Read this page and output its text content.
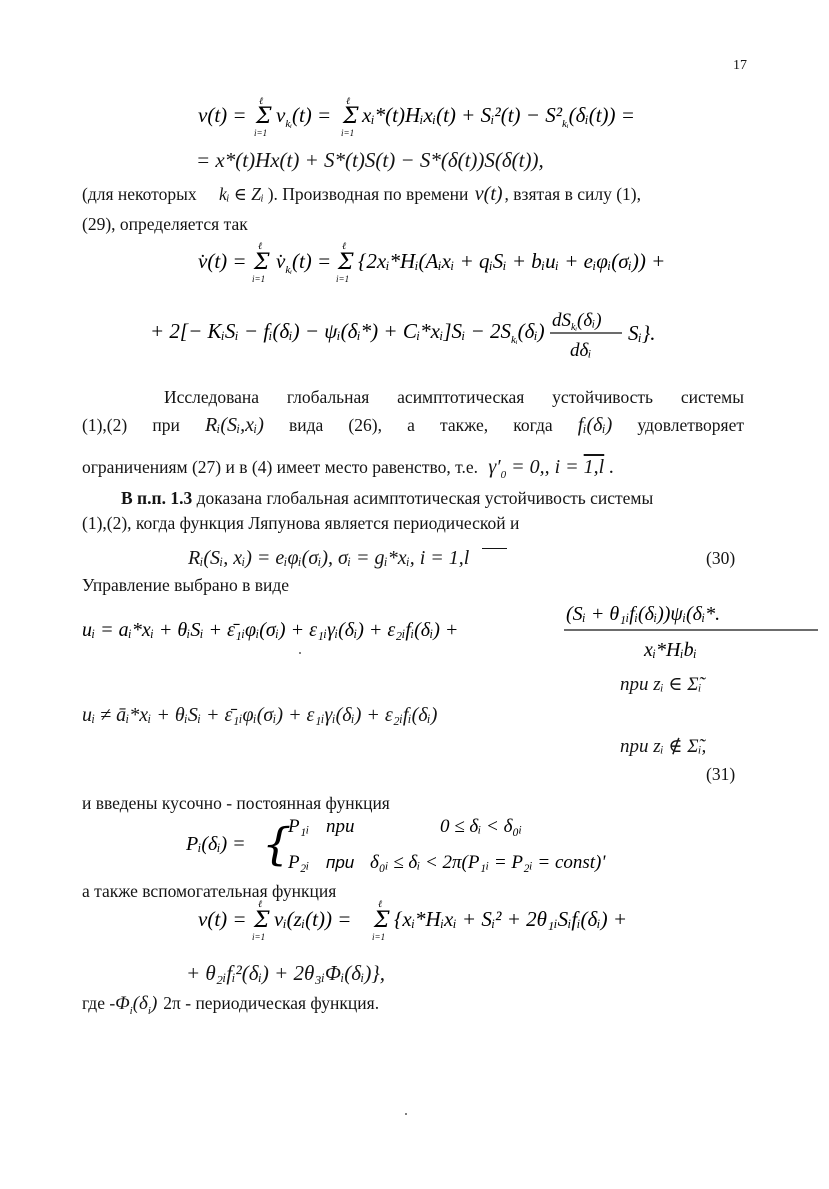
17
v(t) = Σ
ℓ
i=1
$v_{kᵢ}(t) = \Sigma$
ℓ
i=1
xᵢ*(t)Hᵢxᵢ(t) + Sᵢ²(t) − $S^2_{kᵢ}(\delta ᵢ(t))$ =
= x*(t)Hx(t) + S*(t)S(t) − S*(δ(t))S(δ(t)),
(для некоторых kᵢ ∈ Zᵢ ). Производная по времени v(t) , взятая в силу (1),
(29), определяется так
v̇(t) = Σ
ℓ
i=1
$v̇_{kᵢ}(t) = \Sigma$
ℓ
i=1
{2xᵢ*Hᵢ(Aᵢxᵢ + qᵢSᵢ + bᵢuᵢ + eᵢφᵢ(σᵢ)) +
+ 2[− KᵢSᵢ − fᵢ(δᵢ) − ψᵢ(δᵢ*) + Cᵢ*xᵢ]Sᵢ − $2S_{kᵢ}(\delta ᵢ)$ $dS_{kᵢ}(\delta ᵢ)$
dδᵢ
Sᵢ}.
Исследована глобальная асимптотическая устойчивость системы
(1),(2) при Rᵢ(Sᵢ,xᵢ) вида (26), а также, когда fᵢ(δᵢ) удовлетворяет
ограничениям (27) и в (4) имеет место равенство, т.е. $\gamma'_0 = 0$,, i = 1,l .
В п.п. 1.3 доказана глобальная асимптотическая устойчивость системы
(1),(2), когда функция Ляпунова является периодической и
Rᵢ(Sᵢ, xᵢ) = eᵢφᵢ(σᵢ), σᵢ = gᵢ*xᵢ, i = 1,l	(30)
Управление выбрано в виде
uᵢ = aᵢ*xᵢ + θᵢSᵢ + ε̄₁ᵢφᵢ(σᵢ) + ε₁ᵢγᵢ(δᵢ) + ε₂ᵢfᵢ(δᵢ) +
(Sᵢ + θ₁ᵢfᵢ(δᵢ))ψᵢ(δᵢ*.
xᵢ*Hᵢbᵢ
при zᵢ ∈ Σ̃ᵢ
uᵢ ≠ āᵢ*xᵢ + θᵢSᵢ + ε̄₁ᵢφᵢ(σᵢ) + ε₁ᵢγᵢ(δᵢ) + ε₂ᵢfᵢ(δᵢ)
при zᵢ ∉ Σ̃ᵢ,
(31)
и введены кусочно - постоянная функция
Pᵢ(δᵢ) = {
P₁ᵢ при	0 ≤ δᵢ < δ₀ᵢ
P₂ᵢ при δ₀ᵢ ≤ δᵢ < 2π(P₁ᵢ = P₂ᵢ = const)'
а также вспомогательная функция
v(t) = Σ
ℓ
i=1
vᵢ(zᵢ(t)) = Σ
ℓ
i=1
{xᵢ*Hᵢxᵢ + Sᵢ² + 2θ₁ᵢSᵢfᵢ(δᵢ) +
+ θ₂ᵢfᵢ²(δᵢ) + 2θ₃ᵢΦᵢ(δᵢ)},
где $-\Phi_i(\delta_i)$ 2π - периодическая функция.
